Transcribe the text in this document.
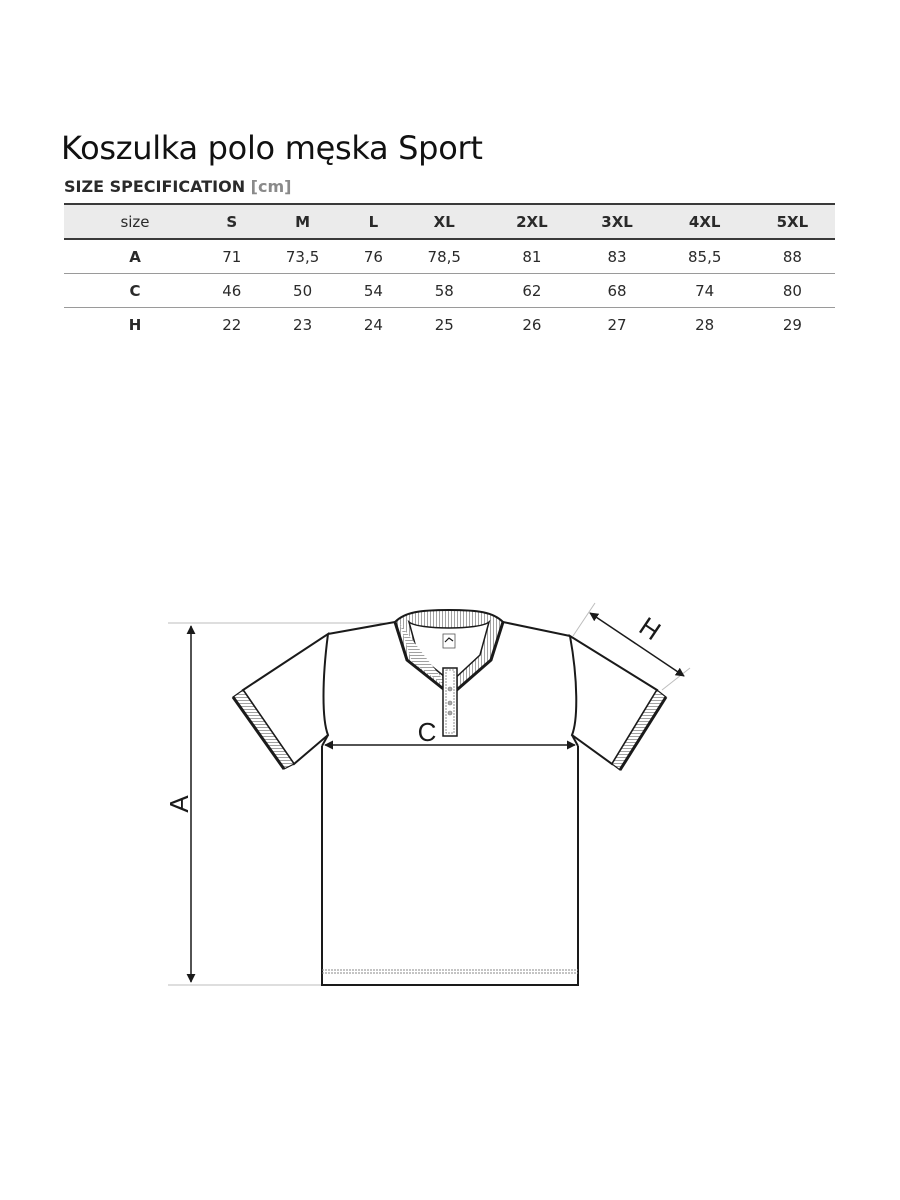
Koszulka polo męska Sport
SIZE SPECIFICATION [cm]
size	S	M	L	XL	2XL	3XL	4XL	5XL
A	71	73,5	76	78,5	81	83	85,5	88
C	46	50	54	58	62	68	74	80
H	22	23	24	25	26	27	28	29
A
C
H
